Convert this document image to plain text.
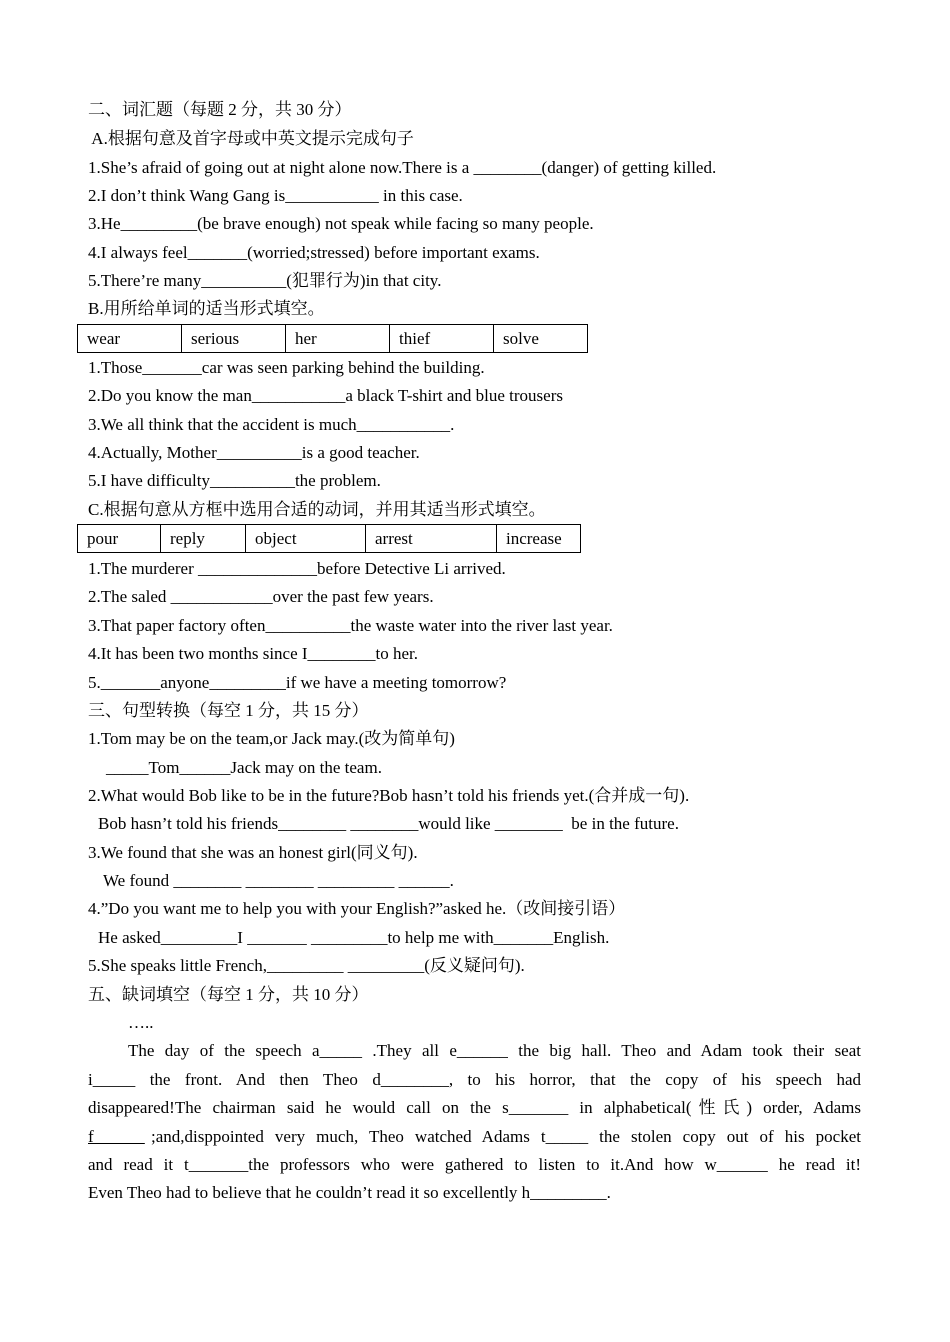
二、词汇题（每题 2 分，共 30 分）
A.根据句意及首字母或中英文提示完成句子
1.She’s afraid of going out at night alone now.There is a ________(danger) of getting killed.
2.I don’t think Wang Gang is___________ in this case.
3.He_________(be brave enough) not speak while facing so many people.
4.I always feel_______(worried;stressed) before important exams.
5.There’re many__________(犯罪行为)in that city.
B.用所给单词的适当形式填空。
wear	serious	her	thief	solve
1.Those_______car was seen parking behind the building.
2.Do you know the man___________a black T-shirt and blue trousers
3.We all think that the accident is much___________.
4.Actually, Mother__________is a good teacher.
5.I have difficulty__________the problem.
C.根据句意从方框中选用合适的动词，并用其适当形式填空。
pour	reply	object	arrest	increase
1.The murderer ______________before Detective Li arrived.
2.The saled ____________over the past few years.
3.That paper factory often__________the waste water into the river last year.
4.It has been two months since I________to her.
5._______anyone_________if we have a meeting tomorrow?
三、句型转换（每空 1 分，共 15 分）
1.Tom may be on the team,or Jack may.(改为简单句)
_____Tom______Jack may on the team.
2.What would Bob like to be in the future?Bob hasn’t told his friends yet.(合并成一句).
Bob hasn’t told his friends________ ________would like ________  be in the future.
3.We found that she was an honest girl(同义句).
We found ________ ________ _________ ______.
4.”Do you want me to help you with your English?”asked he.（改间接引语）
He asked_________I _______ _________to help me with_______English.
5.She speaks little French,_________ _________(反义疑问句).
五、缺词填空（每空 1 分，共 10 分）
…..
The day of the speech a_____ .They all e______ the big hall. Theo and Adam took their seat
i_____ the front. And then Theo d________, to his horror, that the copy of his speech had
disappeared!The chairman said he would call on the s_______ in alphabetical(性氏) order, Adams
;and,disppointed very much, Theo watched Adams t_____ the stolen copy out of his pocket
f______
and read it t_______the professors who were gathered to listen to it.And how w______ he read it!
Even Theo had to believe that he couldn’t read it so excellently h_________.
